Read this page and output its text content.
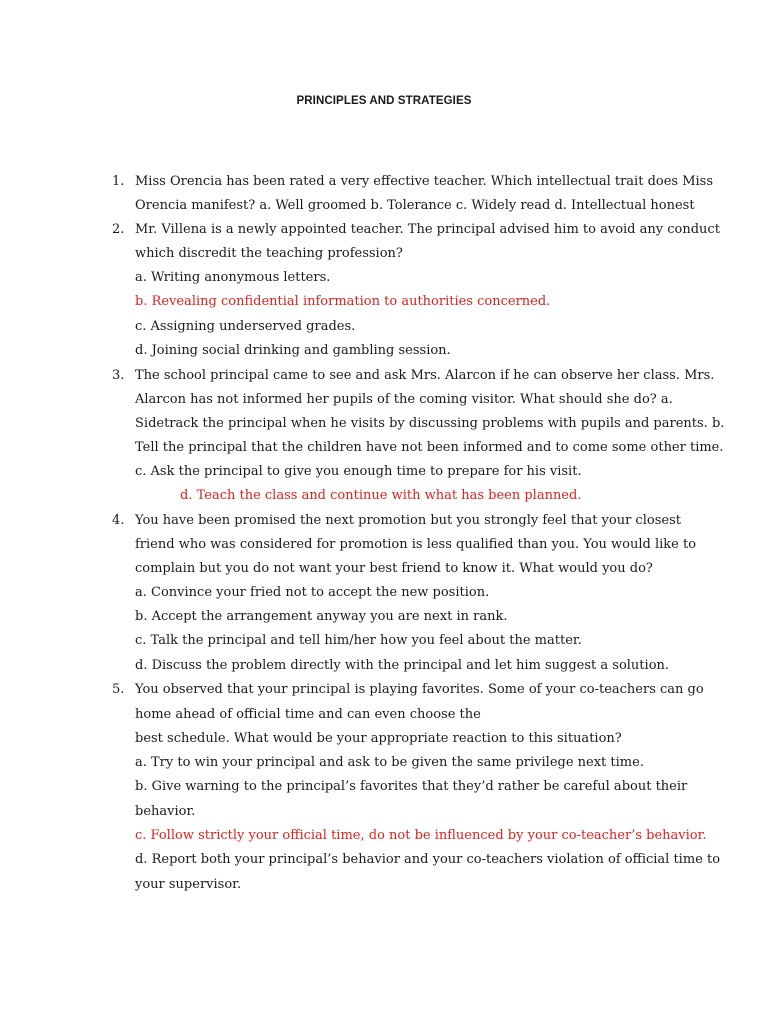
PRINCIPLES AND STRATEGIES
1. Miss Orencia has been rated a very effective teacher. Which intellectual trait does Miss
Orencia manifest? a. Well groomed b. Tolerance c. Widely read d. Intellectual honest
2. Mr. Villena is a newly appointed teacher. The principal advised him to avoid any conduct
which discredit the teaching profession?
a. Writing anonymous letters.
b. Revealing confidential information to authorities concerned.
c. Assigning underserved grades.
d. Joining social drinking and gambling session.
3. The school principal came to see and ask Mrs. Alarcon if he can observe her class. Mrs.
Alarcon has not informed her pupils of the coming visitor. What should she do? a.
Sidetrack the principal when he visits by discussing problems with pupils and parents. b.
Tell the principal that the children have not been informed and to come some other time.
c. Ask the principal to give you enough time to prepare for his visit.
d. Teach the class and continue with what has been planned.
4. You have been promised the next promotion but you strongly feel that your closest
friend who was considered for promotion is less qualified than you. You would like to
complain but you do not want your best friend to know it. What would you do?
a. Convince your fried not to accept the new position.
b. Accept the arrangement anyway you are next in rank.
c. Talk the principal and tell him/her how you feel about the matter.
d. Discuss the problem directly with the principal and let him suggest a solution.
5. You observed that your principal is playing favorites. Some of your co-teachers can go
home ahead of official time and can even choose the
best schedule. What would be your appropriate reaction to this situation?
a. Try to win your principal and ask to be given the same privilege next time.
b. Give warning to the principal’s favorites that they’d rather be careful about their
behavior.
c. Follow strictly your official time, do not be influenced by your co-teacher’s behavior.
d. Report both your principal’s behavior and your co-teachers violation of official time to
your supervisor.
